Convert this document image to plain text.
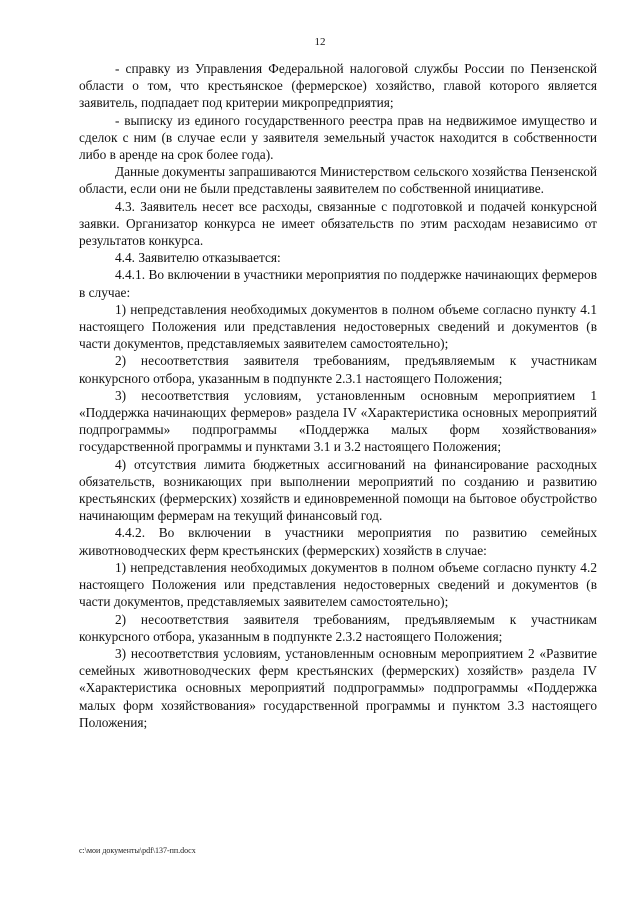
12

- справку из Управления Федеральной налоговой службы России по Пензенской области о том, что крестьянское (фермерское) хозяйство, главой которого является заявитель, подпадает под критерии микропредприятия;

- выписку из единого государственного реестра прав на недвижимое имущество и сделок с ним (в случае если у заявителя земельный участок находится в собственности либо в аренде на срок более года).

Данные документы запрашиваются Министерством сельского хозяйства Пензенской области, если они не были представлены заявителем по собственной инициативе.

4.3. Заявитель несет все расходы, связанные с подготовкой и подачей конкурсной заявки. Организатор конкурса не имеет обязательств по этим расходам независимо от результатов конкурса.

4.4. Заявителю отказывается:

4.4.1. Во включении в участники мероприятия по поддержке начинающих фермеров в случае:

1) непредставления необходимых документов в полном объеме согласно пункту 4.1 настоящего Положения или представления недостоверных сведений и документов (в части документов, представляемых заявителем самостоятельно);

2) несоответствия заявителя требованиям, предъявляемым к участникам конкурсного отбора, указанным в подпункте 2.3.1 настоящего Положения;

3) несоответствия условиям, установленным основным мероприятием 1 «Поддержка начинающих фермеров» раздела IV «Характеристика основных мероприятий подпрограммы» подпрограммы «Поддержка малых форм хозяйствования» государственной программы и пунктами 3.1 и 3.2 настоящего Положения;

4) отсутствия лимита бюджетных ассигнований на финансирование расходных обязательств, возникающих при выполнении мероприятий по созданию и развитию крестьянских (фермерских) хозяйств и единовременной помощи на бытовое обустройство начинающим фермерам на текущий финансовый год.

4.4.2. Во включении в участники мероприятия по развитию семейных животноводческих ферм крестьянских (фермерских) хозяйств в случае:

1) непредставления необходимых документов в полном объеме согласно пункту 4.2 настоящего Положения или представления недостоверных сведений и документов (в части документов, представляемых заявителем самостоятельно);

2) несоответствия заявителя требованиям, предъявляемым к участникам конкурсного отбора, указанным в подпункте 2.3.2 настоящего Положения;

3) несоответствия условиям, установленным основным мероприятием 2 «Развитие семейных животноводческих ферм крестьянских (фермерских) хозяйств» раздела IV «Характеристика основных мероприятий подпрограммы» подпрограммы «Поддержка малых форм хозяйствования» государственной программы и пунктом 3.3 настоящего Положения;

c:\мои документы\pdf\137-пп.docx
